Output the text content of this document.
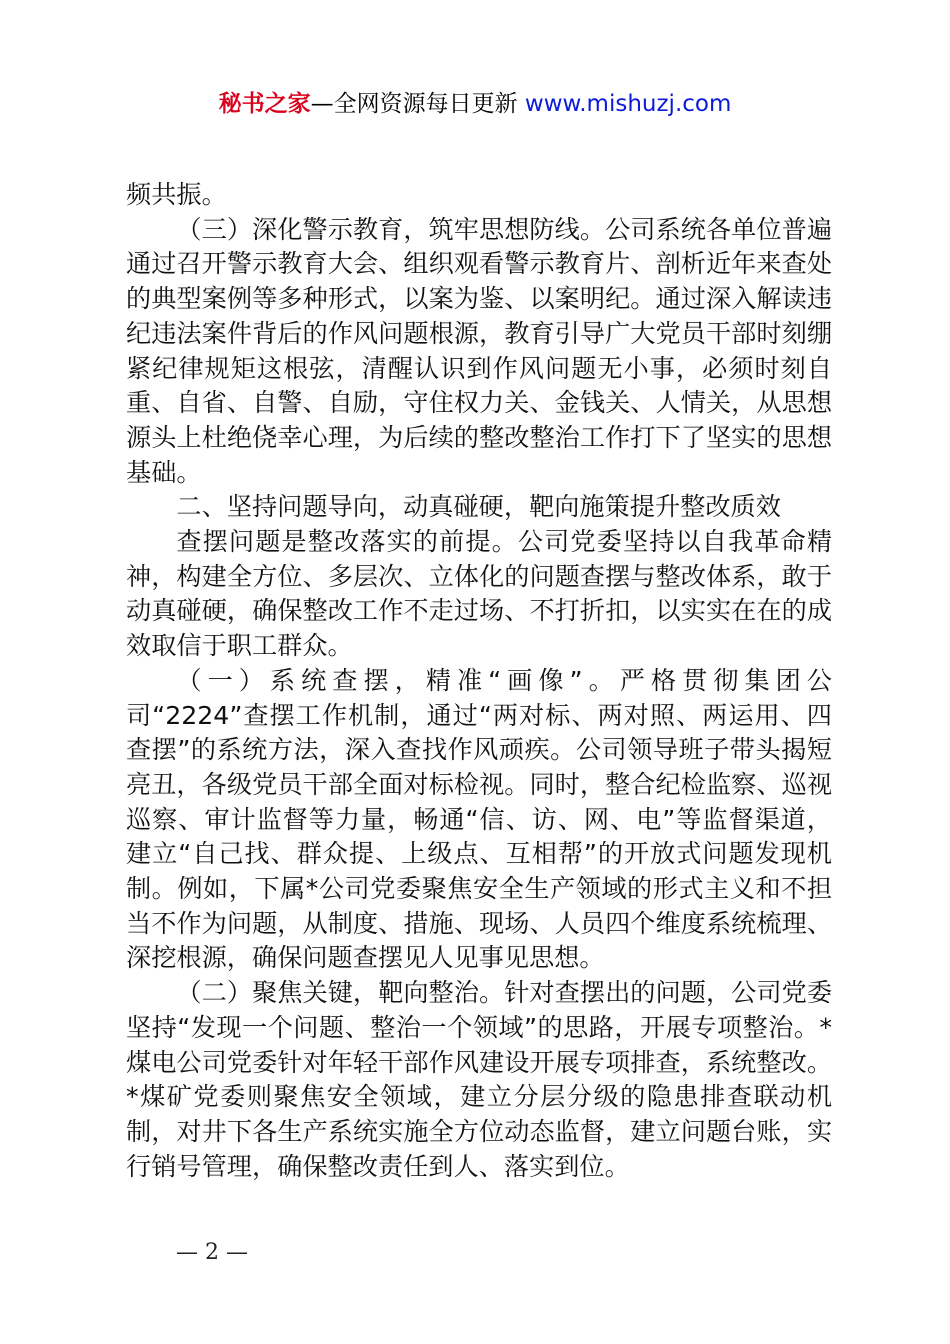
秘书之家—全网资源每日更新 www.mishuzj.com

频共振。

（三）深化警示教育，筑牢思想防线。公司系统各单位普遍通过召开警示教育大会、组织观看警示教育片、剖析近年来查处的典型案例等多种形式，以案为鉴、以案明纪。通过深入解读违纪违法案件背后的作风问题根源，教育引导广大党员干部时刻绷紧纪律规矩这根弦，清醒认识到作风问题无小事，必须时刻自重、自省、自警、自励，守住权力关、金钱关、人情关，从思想源头上杜绝侥幸心理，为后续的整改整治工作打下了坚实的思想基础。

二、坚持问题导向，动真碰硬，靶向施策提升整改质效

查摆问题是整改落实的前提。公司党委坚持以自我革命精神，构建全方位、多层次、立体化的问题查摆与整改体系，敢于动真碰硬，确保整改工作不走过场、不打折扣，以实实在在的成效取信于职工群众。

（一）系统查摆，精准“画像”。严格贯彻集团公司“2224”查摆工作机制，通过“两对标、两对照、两运用、四查摆”的系统方法，深入查找作风顽疾。公司领导班子带头揭短亮丑，各级党员干部全面对标检视。同时，整合纪检监察、巡视巡察、审计监督等力量，畅通“信、访、网、电”等监督渠道，建立“自己找、群众提、上级点、互相帮”的开放式问题发现机制。例如，下属*公司党委聚焦安全生产领域的形式主义和不担当不作为问题，从制度、措施、现场、人员四个维度系统梳理、深挖根源，确保问题查摆见人见事见思想。

（二）聚焦关键，靶向整治。针对查摆出的问题，公司党委坚持“发现一个问题、整治一个领域”的思路，开展专项整治。*煤电公司党委针对年轻干部作风建设开展专项排查，系统整改。*煤矿党委则聚焦安全领域，建立分层分级的隐患排查联动机制，对井下各生产系统实施全方位动态监督，建立问题台账，实行销号管理，确保整改责任到人、落实到位。

— 2 —
